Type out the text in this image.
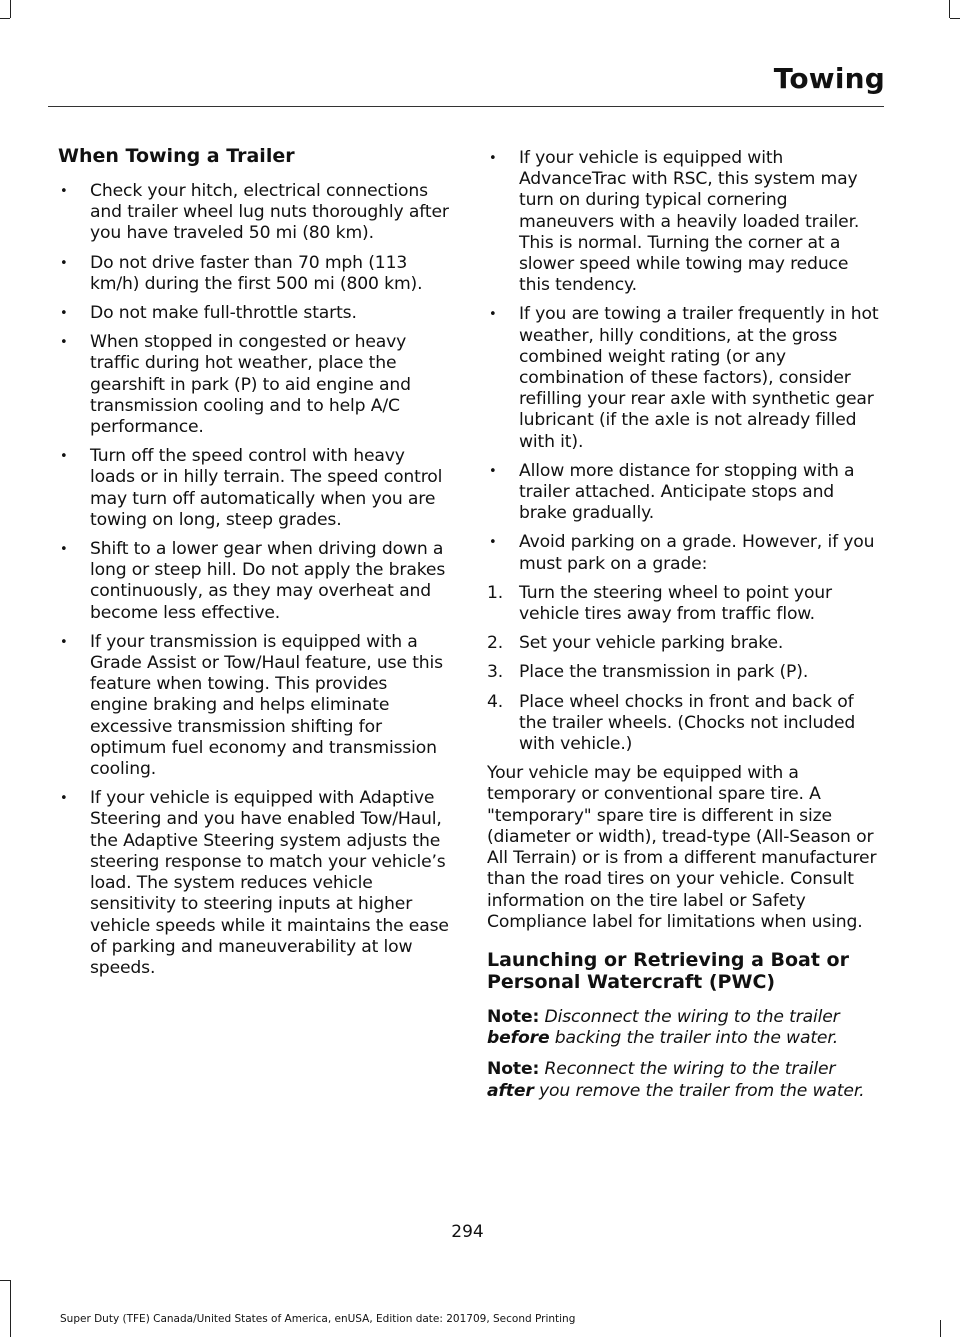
Towing
When Towing a Trailer
• Check your hitch, electrical connections and trailer wheel lug nuts thoroughly after you have traveled 50 mi (80 km).
• Do not drive faster than 70 mph (113 km/h) during the first 500 mi (800 km).
• Do not make full-throttle starts.
• When stopped in congested or heavy traffic during hot weather, place the gearshift in park (P) to aid engine and transmission cooling and to help A/C performance.
• Turn off the speed control with heavy loads or in hilly terrain. The speed control may turn off automatically when you are towing on long, steep grades.
• Shift to a lower gear when driving down a long or steep hill. Do not apply the brakes continuously, as they may overheat and become less effective.
• If your transmission is equipped with a Grade Assist or Tow/Haul feature, use this feature when towing. This provides engine braking and helps eliminate excessive transmission shifting for optimum fuel economy and transmission cooling.
• If your vehicle is equipped with Adaptive Steering and you have enabled Tow/Haul, the Adaptive Steering system adjusts the steering response to match your vehicle’s load. The system reduces vehicle sensitivity to steering inputs at higher vehicle speeds while it maintains the ease of parking and maneuverability at low speeds.
• If your vehicle is equipped with AdvanceTrac with RSC, this system may turn on during typical cornering maneuvers with a heavily loaded trailer. This is normal. Turning the corner at a slower speed while towing may reduce this tendency.
• If you are towing a trailer frequently in hot weather, hilly conditions, at the gross combined weight rating (or any combination of these factors), consider refilling your rear axle with synthetic gear lubricant (if the axle is not already filled with it).
• Allow more distance for stopping with a trailer attached. Anticipate stops and brake gradually.
• Avoid parking on a grade. However, if you must park on a grade:
1. Turn the steering wheel to point your vehicle tires away from traffic flow.
2. Set your vehicle parking brake.
3. Place the transmission in park (P).
4. Place wheel chocks in front and back of the trailer wheels. (Chocks not included with vehicle.)

Your vehicle may be equipped with a temporary or conventional spare tire. A "temporary" spare tire is different in size (diameter or width), tread-type (All-Season or All Terrain) or is from a different manufacturer than the road tires on your vehicle. Consult information on the tire label or Safety Compliance label for limitations when using.

Launching or Retrieving a Boat or Personal Watercraft (PWC)

Note: Disconnect the wiring to the trailer before backing the trailer into the water.

Note: Reconnect the wiring to the trailer after you remove the trailer from the water.

294
Super Duty (TFE) Canada/United States of America, enUSA, Edition date: 201709, Second Printing
